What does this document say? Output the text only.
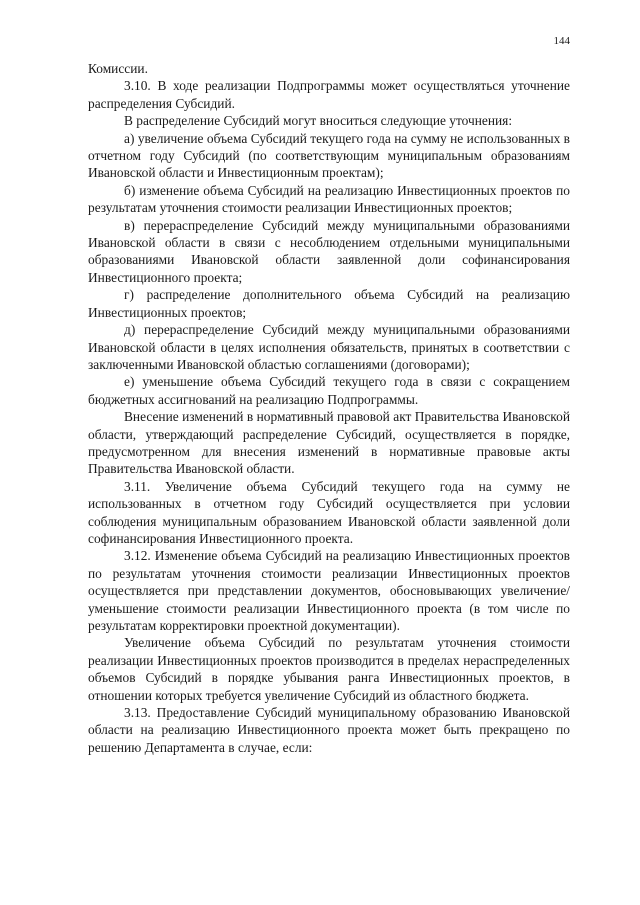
144

Комиссии.

3.10. В ходе реализации Подпрограммы может осуществляться уточнение распределения Субсидий.

В распределение Субсидий могут вноситься следующие уточнения:

а) увеличение объема Субсидий текущего года на сумму не использованных в отчетном году Субсидий (по соответствующим муниципальным образованиям Ивановской области и Инвестиционным проектам);

б) изменение объема Субсидий на реализацию Инвестиционных проектов по результатам уточнения стоимости реализации Инвестиционных проектов;

в) перераспределение Субсидий между муниципальными образованиями Ивановской области в связи с несоблюдением отдельными муниципальными образованиями Ивановской области заявленной доли софинансирования Инвестиционного проекта;

г) распределение дополнительного объема Субсидий на реализацию Инвестиционных проектов;

д) перераспределение Субсидий между муниципальными образованиями Ивановской области в целях исполнения обязательств, принятых в соответствии с заключенными Ивановской областью соглашениями (договорами);

е) уменьшение объема Субсидий текущего года в связи с сокращением бюджетных ассигнований на реализацию Подпрограммы.

Внесение изменений в нормативный правовой акт Правительства Ивановской области, утверждающий распределение Субсидий, осуществляется в порядке, предусмотренном для внесения изменений в нормативные правовые акты Правительства Ивановской области.

3.11. Увеличение объема Субсидий текущего года на сумму не использованных в отчетном году Субсидий осуществляется при условии соблюдения муниципальным образованием Ивановской области заявленной доли софинансирования Инвестиционного проекта.

3.12. Изменение объема Субсидий на реализацию Инвестиционных проектов по результатам уточнения стоимости реализации Инвестиционных проектов осуществляется при представлении документов, обосновывающих увеличение/уменьшение стоимости реализации Инвестиционного проекта (в том числе по результатам корректировки проектной документации).

Увеличение объема Субсидий по результатам уточнения стоимости реализации Инвестиционных проектов производится в пределах нераспределенных объемов Субсидий в порядке убывания ранга Инвестиционных проектов, в отношении которых требуется увеличение Субсидий из областного бюджета.

3.13. Предоставление Субсидий муниципальному образованию Ивановской области на реализацию Инвестиционного проекта может быть прекращено по решению Департамента в случае, если:
